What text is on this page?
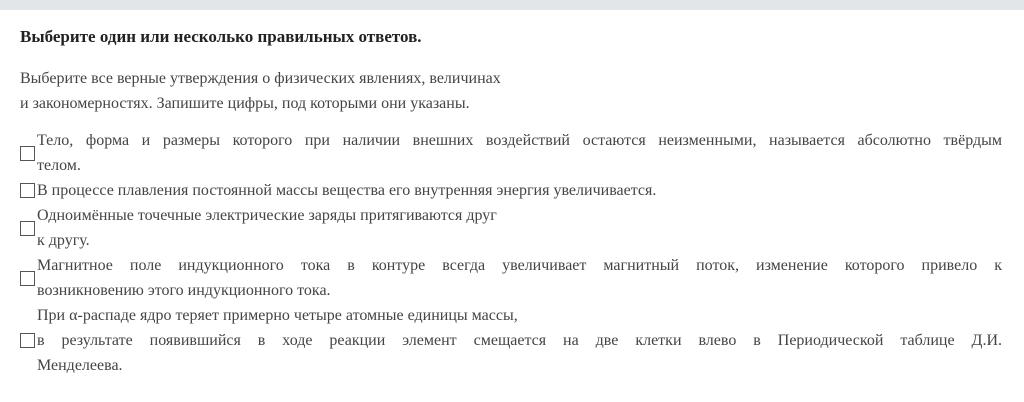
Выберите один или несколько правильных ответов.
Выберите все верные утверждения о физических явлениях, величинах
и закономерностях. Запишите цифры, под которыми они указаны.
Тело, форма и размеры которого при наличии внешних воздействий остаются неизменными, называется абсолютно твёрдым
телом.
В процессе плавления постоянной массы вещества его внутренняя энергия увеличивается.
Одноимённые точечные электрические заряды притягиваются друг
к другу.
Магнитное поле индукционного тока в контуре всегда увеличивает магнитный поток, изменение которого привело к
возникновению этого индукционного тока.
При α-распаде ядро теряет примерно четыре атомные единицы массы,
в результате появившийся в ходе реакции элемент смещается на две клетки влево в Периодической таблице Д.И.
Менделеева.
